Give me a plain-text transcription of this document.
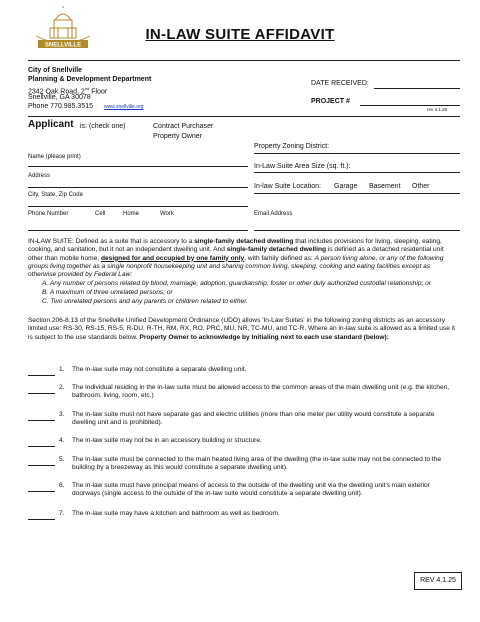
SNELLVILLE
IN-LAW SUITE AFFIDAVIT
City of Snellville
Planning & Development Department
2342 Oak Road, 2nd Floor
Snellville, GA 30078
Phone 770.985.3515 www.snellville.org
DATE RECEIVED:
PROJECT #
rev 4.1.25
Applicant is: (check one)	Contract Purchaser
Property Owner
Name (please print)
Address
City, State, Zip Code
Phone Number	Cell	Home	Work
Property Zoning District:
In-Law Suite Area Size (sq. ft.):
In-law Suite Location: Garage Basement Other
Email Address
IN-LAW SUITE: Defined as a suite that is accessory to a single-family detached dwelling that includes provisions for living, sleeping, eating, cooking, and sanitation, but it not an independent dwelling unit. And single-family detached dwelling is defined as a detached residential unit other than mobile home, designed for and occupied by one family only, with family defined as: A person living alone, or any of the following groups living together as a single nonprofit housekeeping unit and sharing common living, sleeping, cooking and eating facilities except as otherwise provided by Federal Law:
A. Any number of persons related by blood, marriage, adoption, guardianship, foster or other duly authorized custodial relationship; or
B. A maximum of three unrelated persons; or
C. Two unrelated persons and any parents or children related to either.
Section 206-8.13 of the Snellville Unified Development Ordinance (UDO) allows 'In-Law Suites' in the following zoning districts as an accessory limited use: RS-30, RS-15, RS-5, R-DU, R-TH, RM, RX, RO, PRC, MU, NR, TC-MU, and TC-R. Where an in-law suite is allowed as a limited use it is subject to the use standards below. Property Owner to acknowledge by Initialing next to each use standard (below):
1. The in-law suite may not constitute a separate dwelling unit.
2. The individual residing in the in-law suite must be allowed access to the common areas of the main dwelling unit (e.g. the kitchen, bathroom, living, room, etc.)
3. The in-law suite must not have separate gas and electric utilities (more than one meter per utility would constitute a separate dwelling unit and is prohibited).
4. The in-law suite may not be in an accessory building or structure.
5. The in-law suite must be connected to the main heated living area of the dwelling (the in-law suite may not be connected to the building by a breezeway as this would constitute a separate dwelling unit).
6. The in-law suite must have principal means of access to the outside of the dwelling unit via the dwelling unit's main exterior doorways (single access to the outside of the in-law suite would constitute a separate dwelling unit).
7. The in-law suite may have a kitchen and bathroom as well as bedroom.
REV 4.1.25
